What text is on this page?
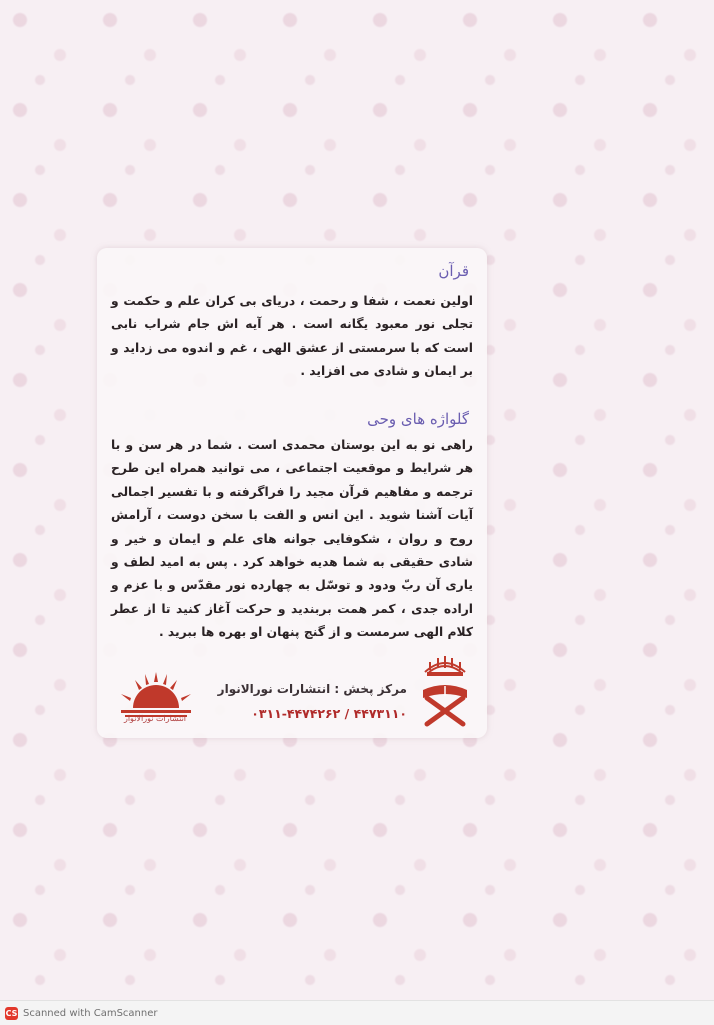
قرآن
اولین نعمت ، شفا و رحمت ، دریای بی کران علم و حکمت و تجلی نور معبود یگانه است . هر آیه اش جام شراب نابی است که با سرمستی از عشق الهی ، غم و اندوه می زداید و بر ایمان و شادی می افزاید .
گلواژه های وحی
راهی نو به این بوستان محمدی است . شما در هر سن و با هر شرایط و موقعیت اجتماعی ، می توانید همراه این طرح ترجمه و مفاهیم قرآن مجید را فراگرفته و با تفسیر اجمالی آیات آشنا شوید . این انس و الفت با سخن دوست ، آرامش روح و روان ، شکوفایی جوانه های علم و ایمان و خیر و شادی حقیقی به شما هدیه خواهد کرد . پس به امید لطف و یاری آن ربّ ودود و توسّل به چهارده نور مقدّس و با عزم و اراده جدی ، کمر همت بربندید و حرکت آغاز کنید تا از عطر کلام الهی سرمست و از گنج پنهان او بهره ها ببرید .
مرکز پخش : انتشارات نورالانوار
۰۳۱۱-۴۴۷۴۲۶۲ / ۴۴۷۳۱۱۰
انتشارات نورالانوار
CS Scanned with CamScanner
